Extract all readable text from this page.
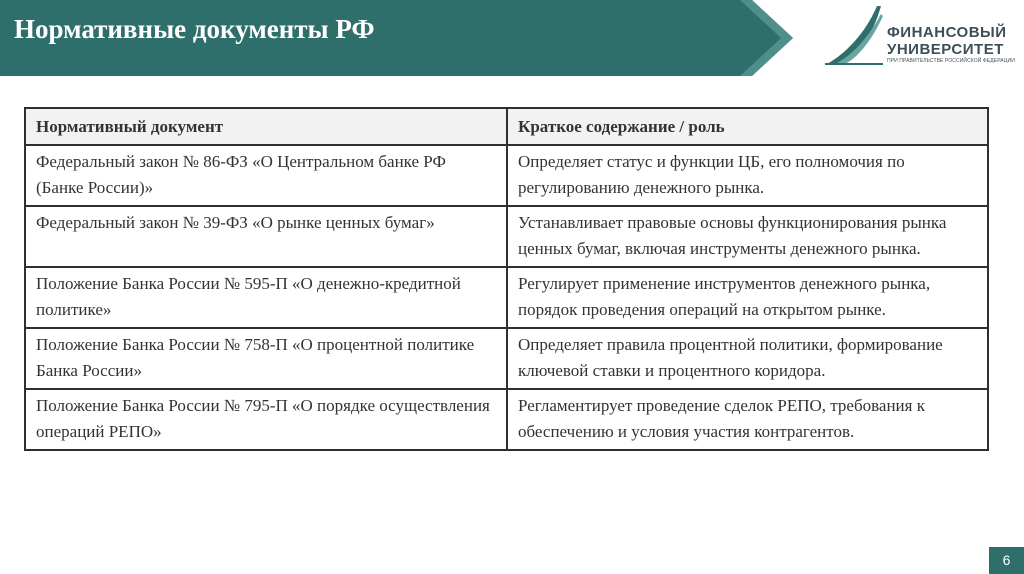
Нормативные документы РФ	ФИНАНСОВЫЙ
УНИВЕРСИТЕТ
ПРИ ПРАВИТЕЛЬСТВЕ РОССИЙСКОЙ ФЕДЕРАЦИИ
Нормативный документ	Краткое содержание / роль
Федеральный закон № 86-ФЗ «О Центральном банке РФ (Банке России)»	Определяет статус и функции ЦБ, его полномочия по регулированию денежного рынка.
Федеральный закон № 39-ФЗ «О рынке ценных бумаг»	Устанавливает правовые основы функционирования рынка ценных бумаг, включая инструменты денежного рынка.
Положение Банка России № 595-П «О денежно-кредитной политике»	Регулирует применение инструментов денежного рынка, порядок проведения операций на открытом рынке.
Положение Банка России № 758-П «О процентной политике Банка России»	Определяет правила процентной политики, формирование ключевой ставки и процентного коридора.
Положение Банка России № 795-П «О порядке осуществления операций РЕПО»	Регламентирует проведение сделок РЕПО, требования к обеспечению и условия участия контрагентов.
6
